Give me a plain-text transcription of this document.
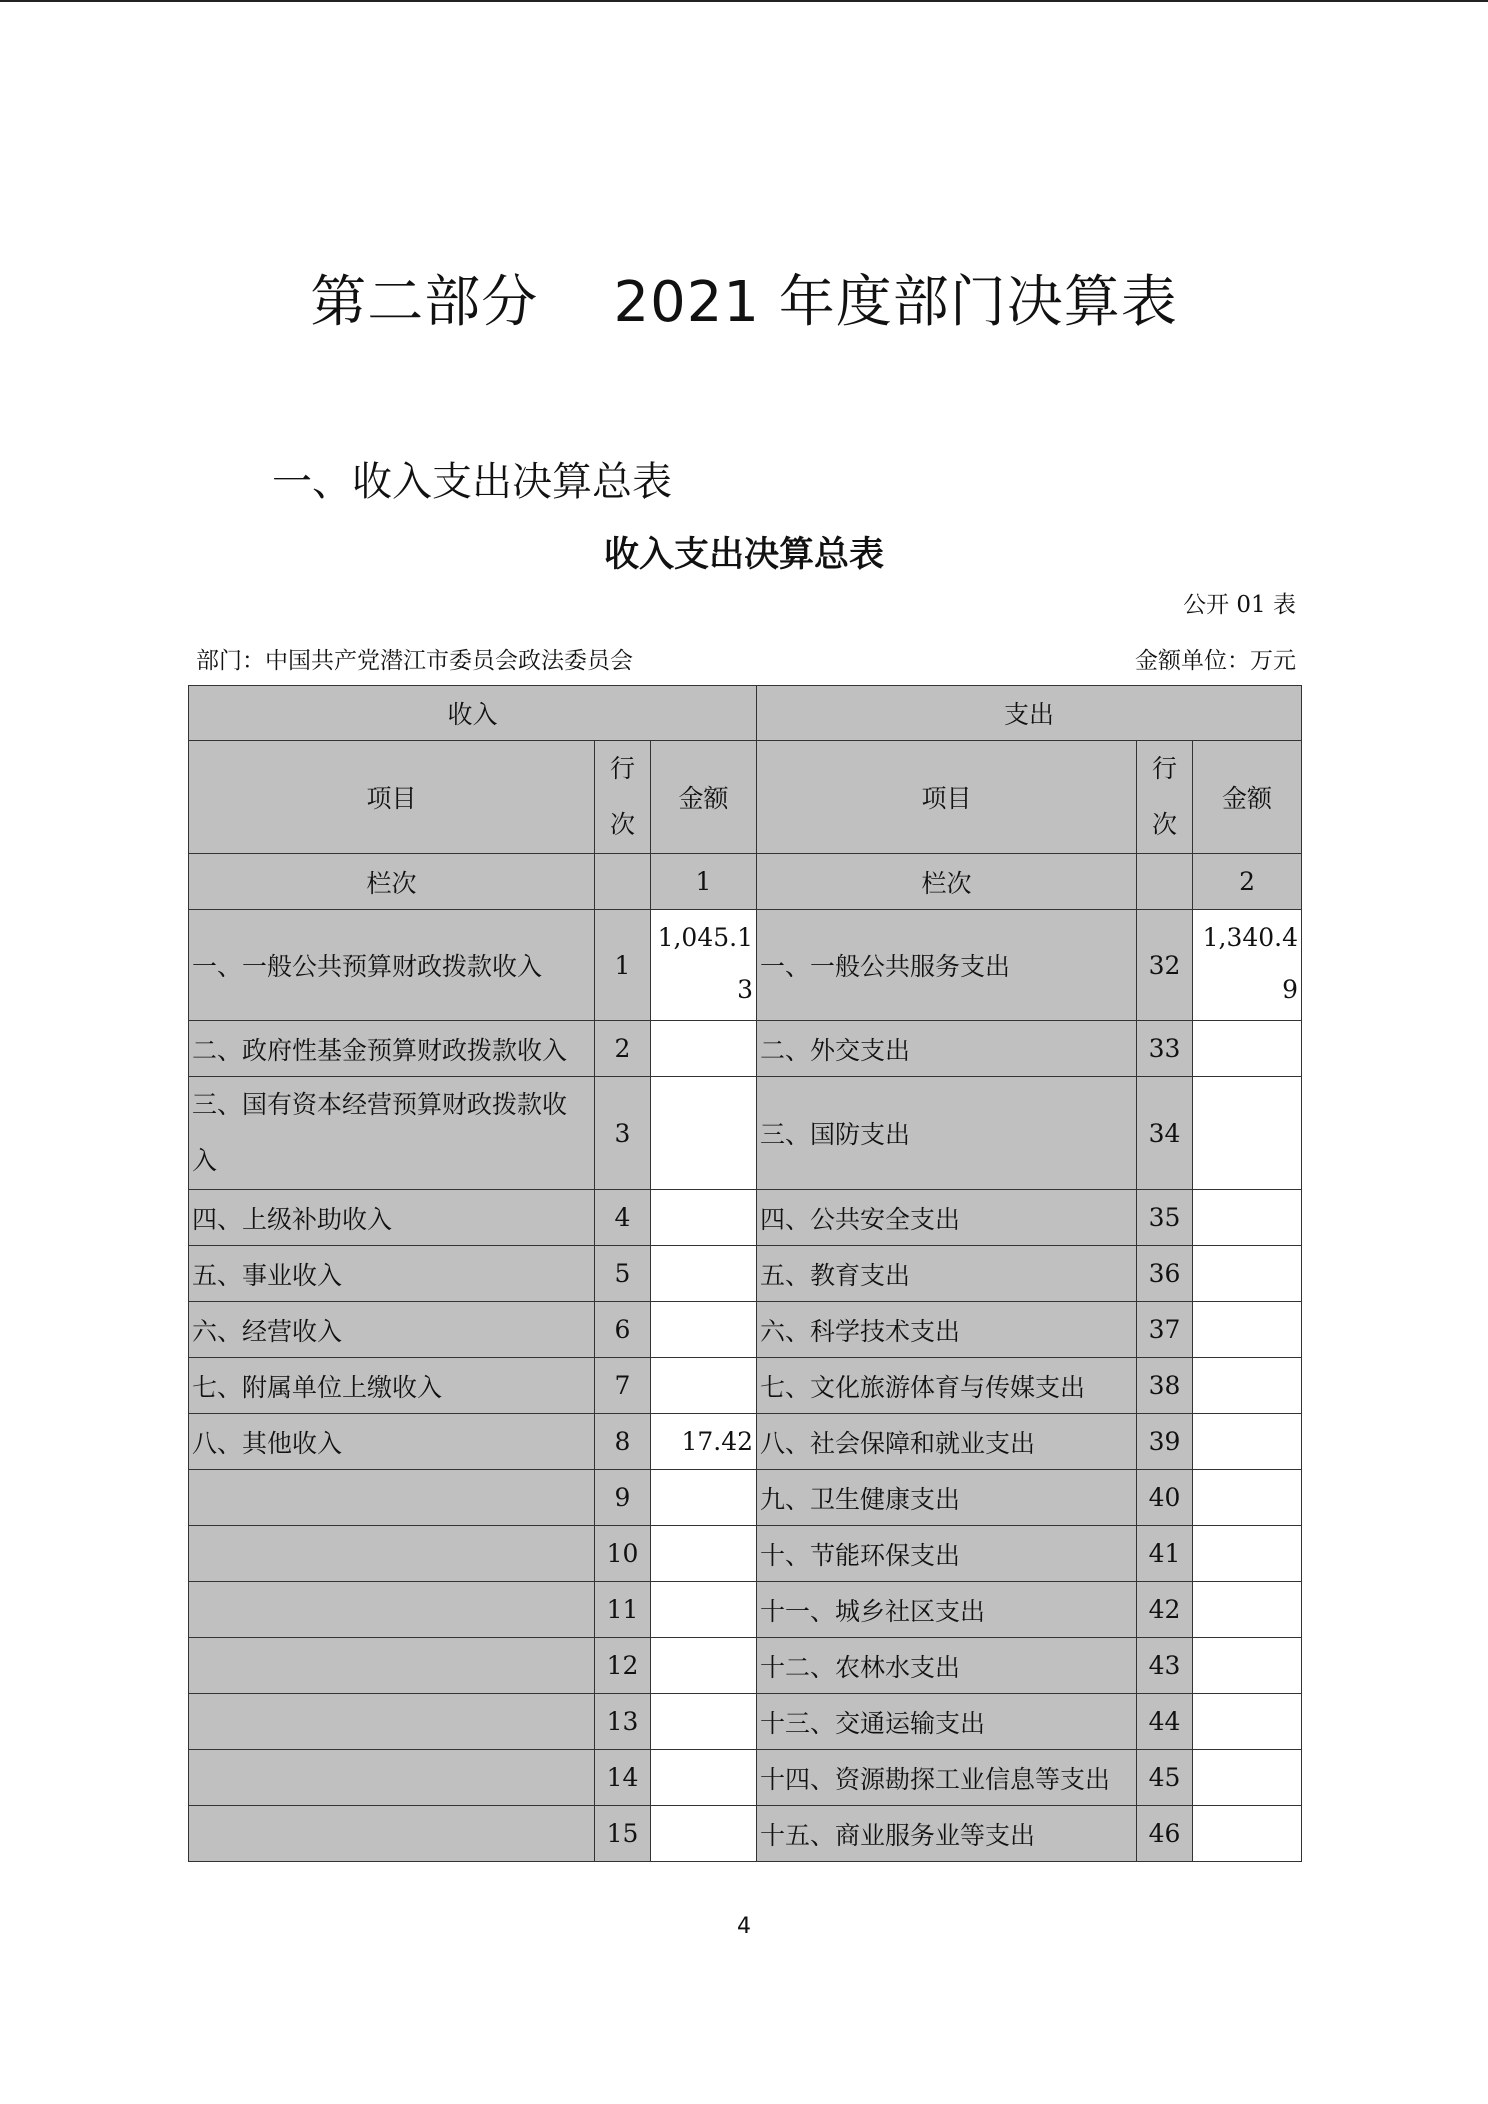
第二部分    2021 年度部门决算表
一、收入支出决算总表
收入支出决算总表
公开 01 表
部门：中国共产党潜江市委员会政法委员会	金额单位：万元
收入			支出		
项目	行次	金额	项目	行次	金额
栏次		1	栏次		2
一、一般公共预算财政拨款收入	1	1,045.13	一、一般公共服务支出	32	1,340.49
二、政府性基金预算财政拨款收入	2		二、外交支出	33	
三、国有资本经营预算财政拨款收入	3		三、国防支出	34	
四、上级补助收入	4		四、公共安全支出	35	
五、事业收入	5		五、教育支出	36	
六、经营收入	6		六、科学技术支出	37	
七、附属单位上缴收入	7		七、文化旅游体育与传媒支出	38	
八、其他收入	8	17.42	八、社会保障和就业支出	39	
	9		九、卫生健康支出	40	
	10		十、节能环保支出	41	
	11		十一、城乡社区支出	42	
	12		十二、农林水支出	43	
	13		十三、交通运输支出	44	
	14		十四、资源勘探工业信息等支出	45	
	15		十五、商业服务业等支出	46	
4
